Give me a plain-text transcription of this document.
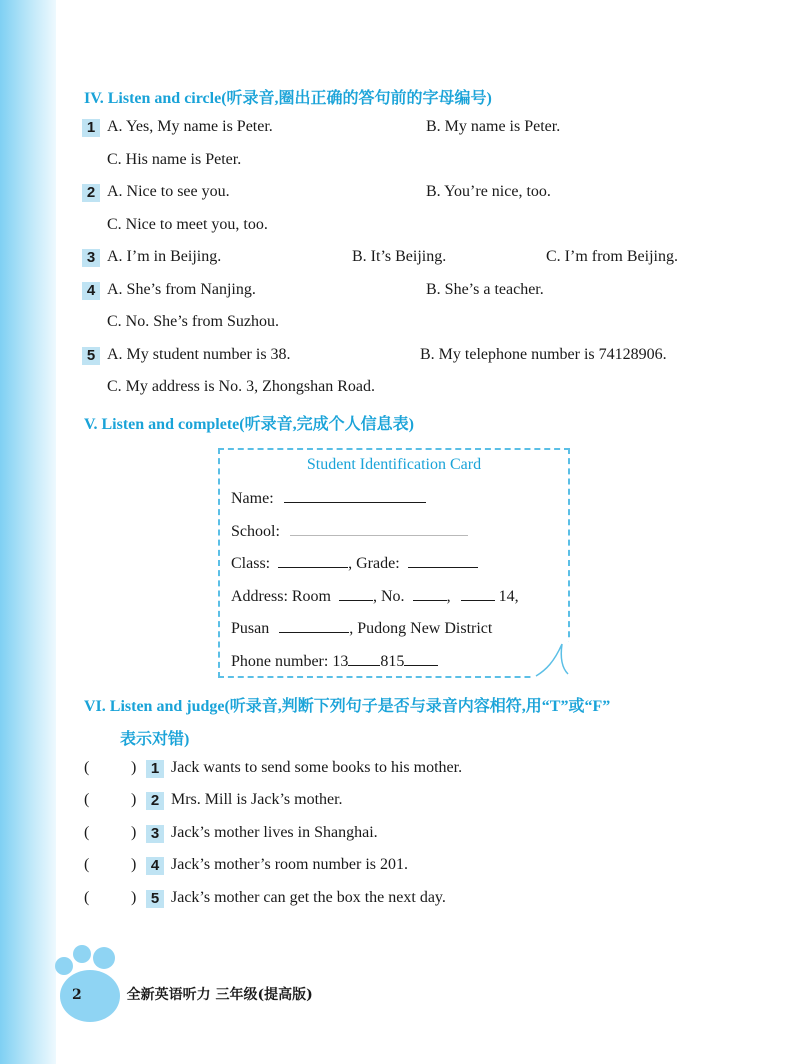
IV. Listen and circle(听录音,圈出正确的答句前的字母编号)
1 A. Yes, My name is Peter.	B. My name is Peter.
C. His name is Peter.
2 A. Nice to see you.	B. You’re nice, too.
C. Nice to meet you, too.
3 A. I’m in Beijing.	B. It’s Beijing.	C. I’m from Beijing.
4 A. She’s from Nanjing.	B. She’s a teacher.
C. No. She’s from Suzhou.
5 A. My student number is 38.	B. My telephone number is 74128906.
C. My address is No. 3, Zhongshan Road.
V. Listen and complete(听录音,完成个人信息表)
Student Identification Card
Name:
School:
Class:	, Grade:
Address: Room	, No.	,	14,
Pusan	, Pudong New District
Phone number: 13 815
VI. Listen and judge(听录音,判断下列句子是否与录音内容相符,用“T”或“F”
表示对错)
(	) 1 Jack wants to send some books to his mother.
(	) 2 Mrs. Mill is Jack’s mother.
(	) 3 Jack’s mother lives in Shanghai.
(	) 4 Jack’s mother’s room number is 201.
(	) 5 Jack’s mother can get the box the next day.
2	全新英语听力 三年级(提高版)
